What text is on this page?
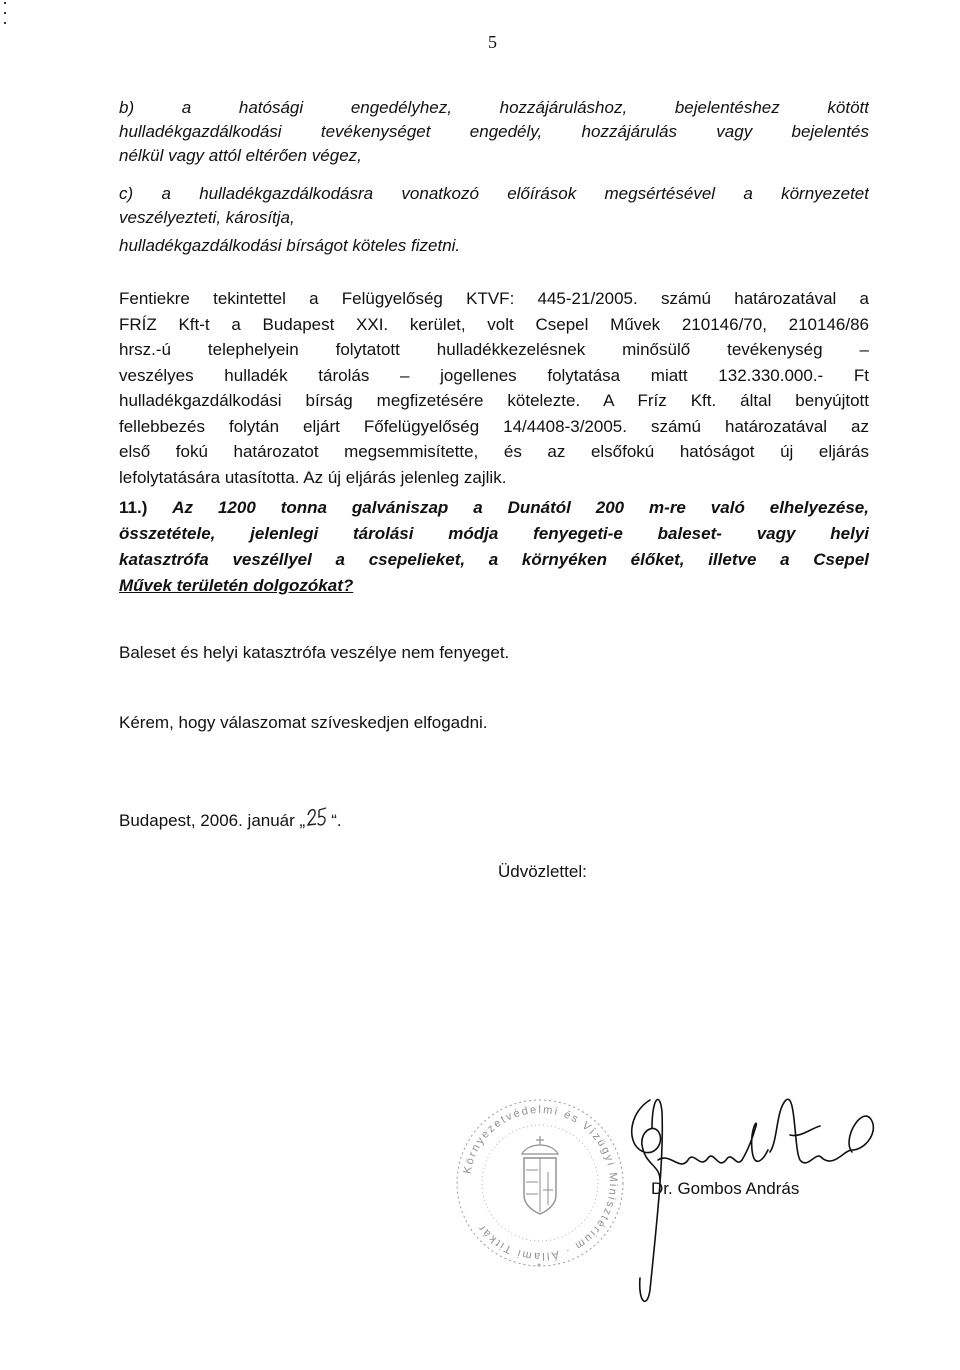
5
b) a hatósági engedélyhez, hozzájáruláshoz, bejelentéshez kötött
hulladékgazdálkodási tevékenységet engedély, hozzájárulás vagy bejelentés
nélkül vagy attól eltérően végez,
c) a hulladékgazdálkodásra vonatkozó előírások megsértésével a környezetet
veszélyezteti, károsítja,
hulladékgazdálkodási bírságot köteles fizetni.
Fentiekre tekintettel a Felügyelőség KTVF: 445-21/2005. számú határozatával a
FRÍZ Kft-t a Budapest XXI. kerület, volt Csepel Művek 210146/70, 210146/86
hrsz.-ú telephelyein folytatott hulladékkezelésnek minősülő tevékenység –
veszélyes hulladék tárolás – jogellenes folytatása miatt 132.330.000.- Ft
hulladékgazdálkodási bírság megfizetésére kötelezte. A Fríz Kft. által benyújtott
fellebbezés folytán eljárt Főfelügyelőség 14/4408-3/2005. számú határozatával az
első fokú határozatot megsemmisítette, és az elsőfokú hatóságot új eljárás
lefolytatására utasította. Az új eljárás jelenleg zajlik.
11.) Az 1200 tonna galvániszap a Dunától 200 m-re való elhelyezése,
összetétele, jelenlegi tárolási módja fenyegeti-e baleset- vagy helyi
katasztrófa veszéllyel a csepelieket, a környéken élőket, illetve a Csepel
Művek területén dolgozókat?
Baleset és helyi katasztrófa veszélye nem fenyeget.
Kérem, hogy válaszomat szíveskedjen elfogadni.
Budapest, 2006. január „ “.
Üdvözlettel:
Környezetvédelmi és Vízügyi Minisztérium · Állami Titkár
*
Dr. Gombos András
